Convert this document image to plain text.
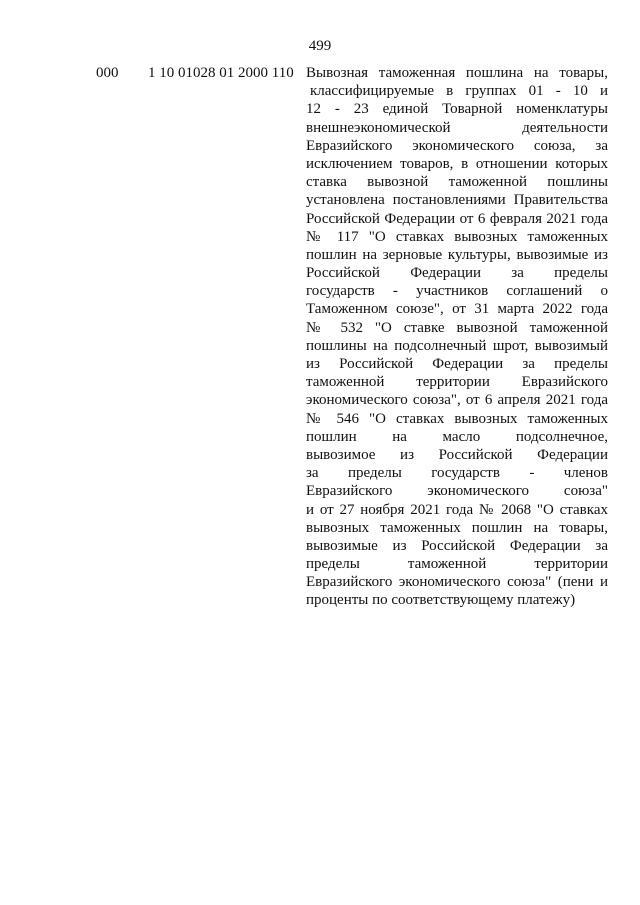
499
000 1 10 01028 01 2000 110 Вывозная таможенная пошлина на товары,
классифицируемые в группах 01 - 10 и
12 - 23 единой Товарной номенклатуры
внешнеэкономической деятельности
Евразийского экономического союза, за
исключением товаров, в отношении которых
ставка вывозной таможенной пошлины
установлена постановлениями Правительства
Российской Федерации от 6 февраля 2021 года
№ 117 "О ставках вывозных таможенных
пошлин на зерновые культуры, вывозимые из
Российской Федерации за пределы
государств - участников соглашений о
Таможенном союзе", от 31 марта 2022 года
№ 532 "О ставке вывозной таможенной
пошлины на подсолнечный шрот, вывозимый
из Российской Федерации за пределы
таможенной территории Евразийского
экономического союза", от 6 апреля 2021 года
№ 546 "О ставках вывозных таможенных
пошлин на масло подсолнечное,
вывозимое из Российской Федерации
за пределы государств - членов
Евразийского экономического союза"
и от 27 ноября 2021 года № 2068 "О ставках
вывозных таможенных пошлин на товары,
вывозимые из Российской Федерации за
пределы таможенной территории
Евразийского экономического союза" (пени и
проценты по соответствующему платежу)
